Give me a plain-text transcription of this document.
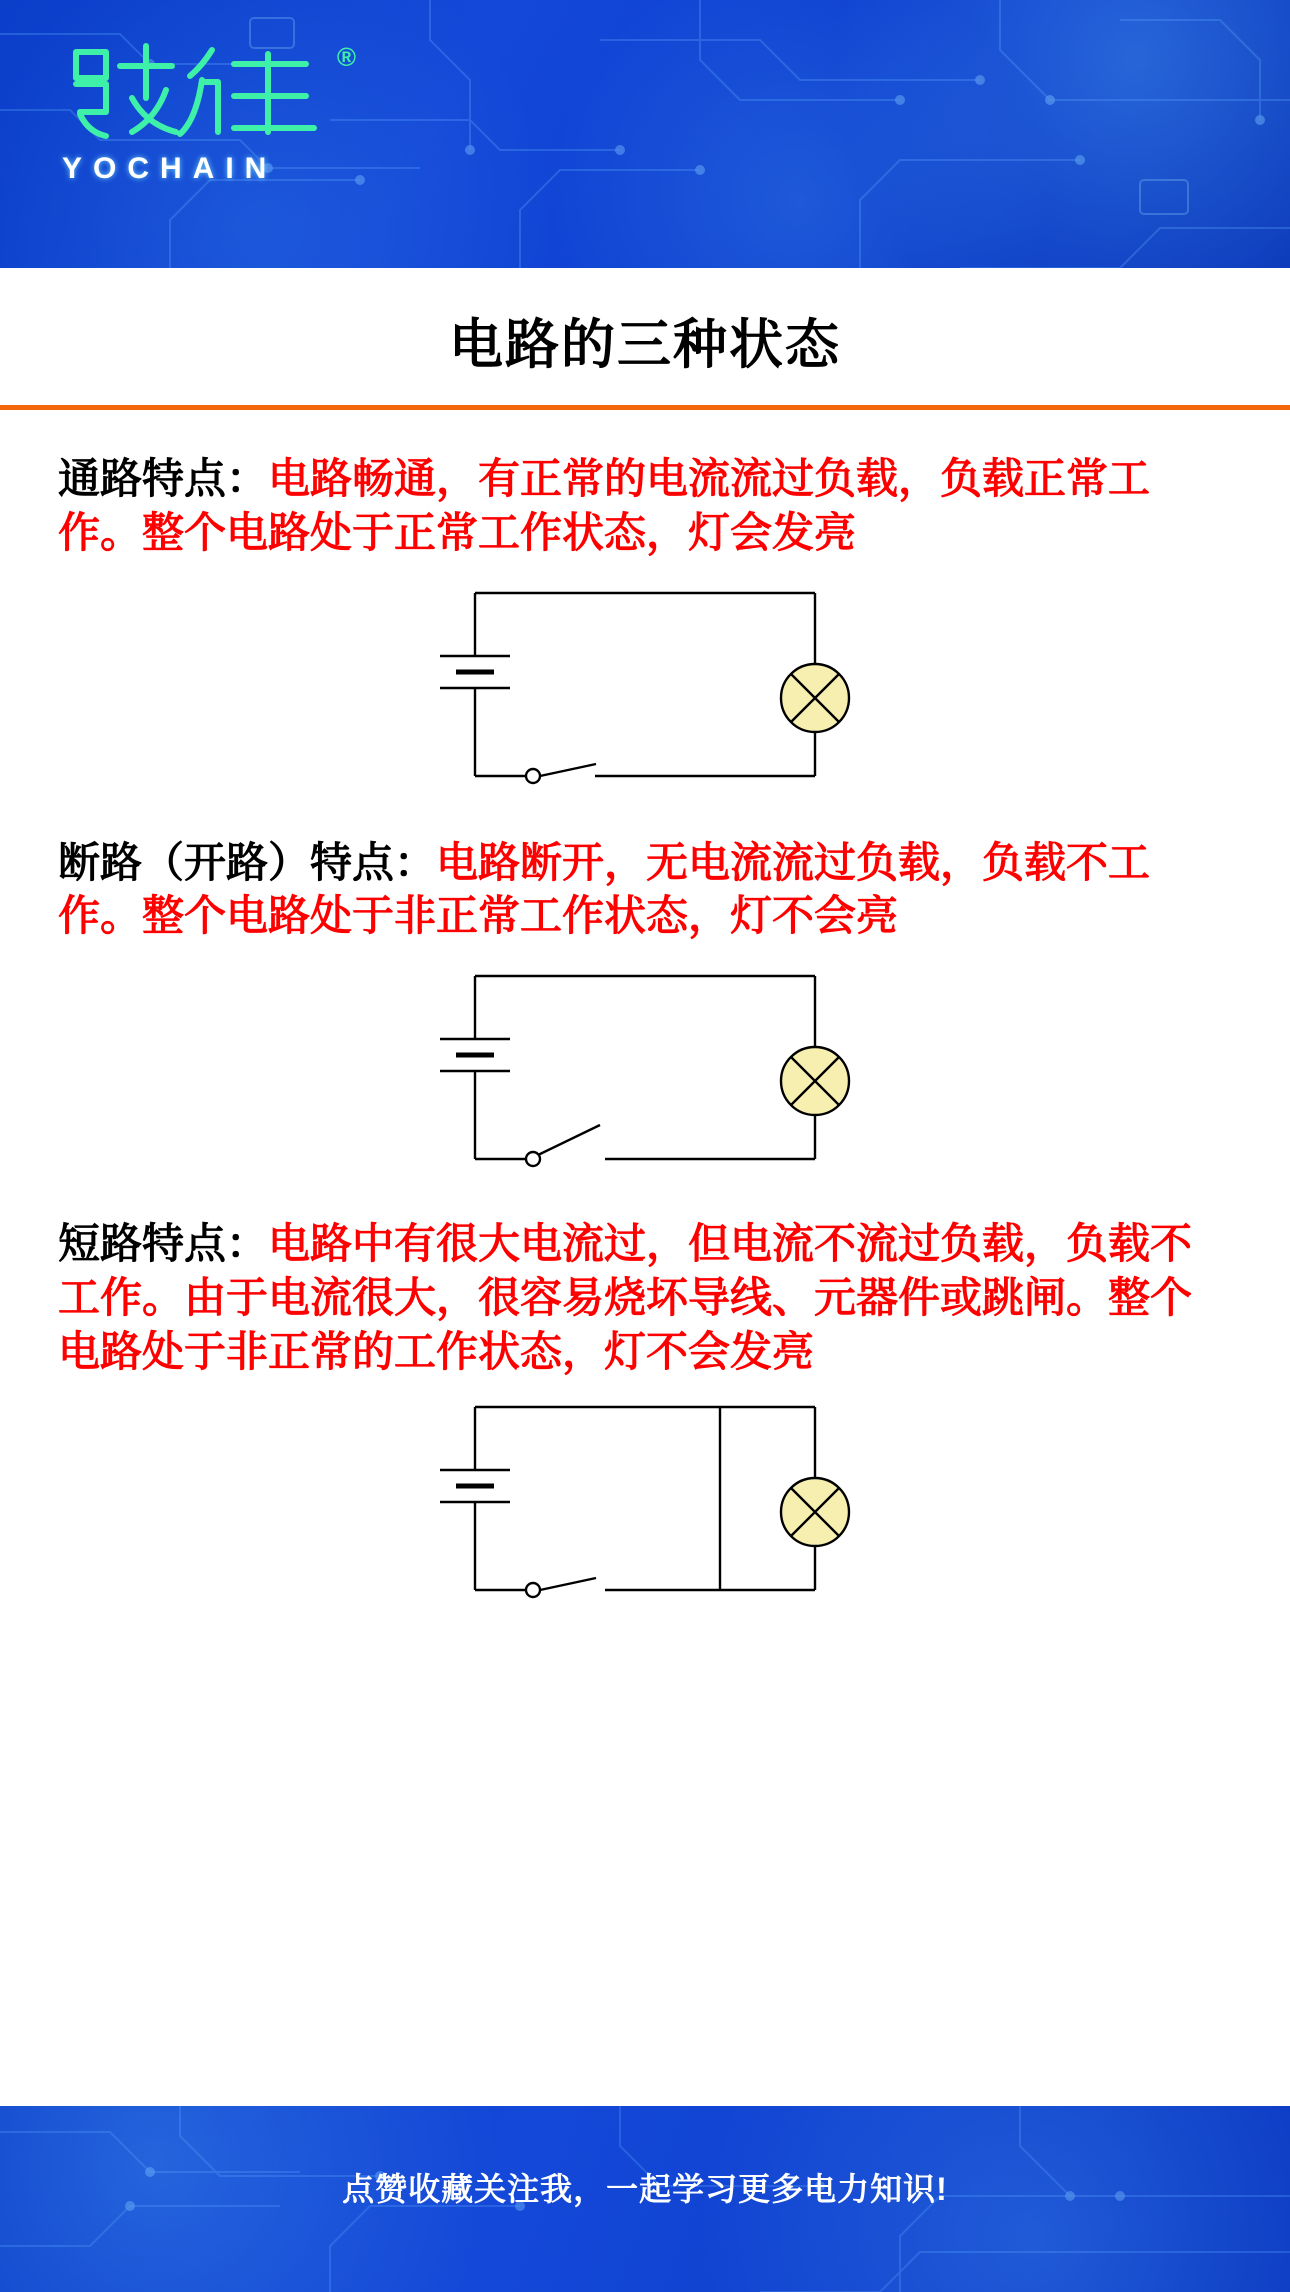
®
YOCHAIN
电路的三种状态

通路特点：电路畅通，有正常的电流流过负载，负载正常工作。整个电路处于正常工作状态，灯会发亮

断路（开路）特点：电路断开，无电流流过负载，负载不工作。整个电路处于非正常工作状态，灯不会亮

短路特点：电路中有很大电流过，但电流不流过负载，负载不工作。由于电流很大，很容易烧坏导线、元器件或跳闸。整个电路处于非正常的工作状态，灯不会发亮

点赞收藏关注我，一起学习更多电力知识!
